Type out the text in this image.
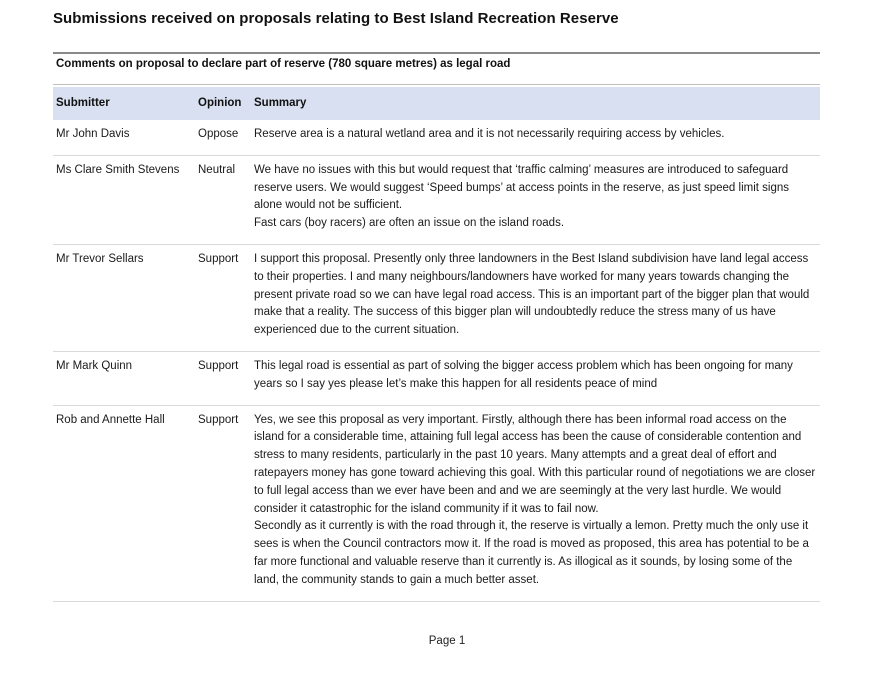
Submissions received on proposals relating to Best Island Recreation Reserve
Comments on proposal to declare part of reserve (780 square metres) as legal road
Submitter	Opinion	Summary
Mr John Davis	Oppose	Reserve area is a natural wetland area and it is not necessarily requiring access by vehicles.

Ms Clare Smith Stevens	Neutral	We have no issues with this but would request that ‘traffic calming’ measures are introduced to safeguard reserve users. We would suggest ‘Speed bumps’ at access points in the reserve, as just speed limit signs alone would not be sufficient.
Fast cars (boy racers) are often an issue on the island roads.

Mr Trevor Sellars	Support	I support this proposal. Presently only three landowners in the Best Island subdivision have land legal access to their properties. I and many neighbours/landowners have worked for many years towards changing the present private road so we can have legal road access. This is an important part of the bigger plan that would make that a reality. The success of this bigger plan will undoubtedly reduce the stress many of us have experienced due to the current situation.

Mr Mark Quinn	Support	This legal road is essential as part of solving the bigger access problem which has been ongoing for many years so I say yes please let’s make this happen for all residents peace of mind

Rob and Annette Hall	Support	Yes, we see this proposal as very important. Firstly, although there has been informal road access on the island for a considerable time, attaining full legal access has been the cause of considerable contention and stress to many residents, particularly in the past 10 years. Many attempts and a great deal of effort and ratepayers money has gone toward achieving this goal. With this particular round of negotiations we are closer to full legal access than we ever have been and and we are seemingly at the very last hurdle. We would consider it catastrophic for the island community if it was to fail now.
Secondly as it currently is with the road through it, the reserve is virtually a lemon. Pretty much the only use it sees is when the Council contractors mow it. If the road is moved as proposed, this area has potential to be a far more functional and valuable reserve than it currently is. As illogical as it sounds, by losing some of the land, the community stands to gain a much better asset.
Page 1
